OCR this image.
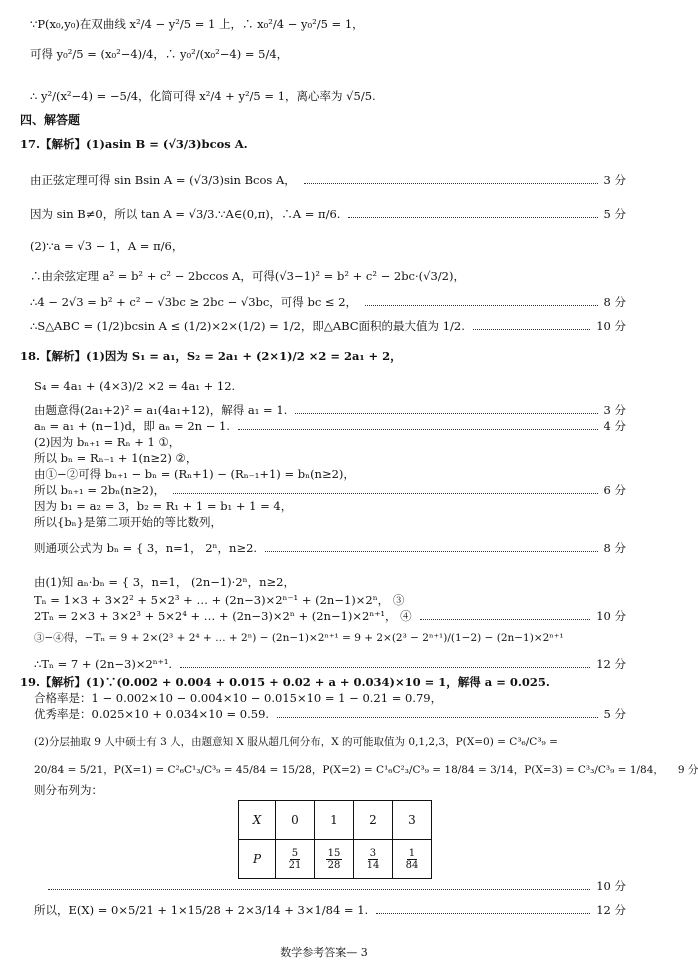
∵P(x₀,y₀)在双曲线 x²/4 − y²/5 = 1 上，∴ x₀²/4 − y₀²/5 = 1，
可得 y₀²/5 = (x₀²−4)/4，∴ y₀²/(x₀²−4) = 5/4，
∴ y²/(x²−4) = −5/4，化简可得 x²/4 + y²/5 = 1，离心率为 √5/5.
四、解答题
17.【解析】(1)asin B = (√3/3)bcos A.
由正弦定理可得 sin Bsin A = (√3/3)sin Bcos A，	3 分
因为 sin B≠0，所以 tan A = √3/3.∵A∈(0,π)，∴A = π/6.	5 分
(2)∵a = √3 − 1，A = π/6，
∴由余弦定理 a² = b² + c² − 2bccos A，可得(√3−1)² = b² + c² − 2bc·(√3/2)，
∴4 − 2√3 = b² + c² − √3bc ≥ 2bc − √3bc，可得 bc ≤ 2，	8 分
∴S△ABC = (1/2)bcsin A ≤ (1/2)×2×(1/2) = 1/2，即△ABC面积的最大值为 1/2.	10 分
18.【解析】(1)因为 S₁ = a₁，S₂ = 2a₁ + (2×1)/2 ×2 = 2a₁ + 2，
S₄ = 4a₁ + (4×3)/2 ×2 = 4a₁ + 12.
由题意得(2a₁+2)² = a₁(4a₁+12)，解得 a₁ = 1.	3 分
aₙ = a₁ + (n−1)d，即 aₙ = 2n − 1.	4 分
(2)因为 bₙ₊₁ = Rₙ + 1 ①，
所以 bₙ = Rₙ₋₁ + 1(n≥2) ②，
由①−②可得 bₙ₊₁ − bₙ = (Rₙ+1) − (Rₙ₋₁+1) = bₙ(n≥2)，
所以 bₙ₊₁ = 2bₙ(n≥2)，	6 分
因为 b₁ = a₂ = 3，b₂ = R₁ + 1 = b₁ + 1 = 4，
所以{bₙ}是第二项开始的等比数列，
则通项公式为 bₙ = { 3，n=1， 2ⁿ，n≥2.	8 分
由(1)知 aₙ·bₙ = { 3，n=1， (2n−1)·2ⁿ，n≥2，
Tₙ = 1×3 + 3×2² + 5×2³ + … + (2n−3)×2ⁿ⁻¹ + (2n−1)×2ⁿ， ③
2Tₙ = 2×3 + 3×2³ + 5×2⁴ + … + (2n−3)×2ⁿ + (2n−1)×2ⁿ⁺¹， ④	10 分
③−④得，−Tₙ = 9 + 2×(2³ + 2⁴ + … + 2ⁿ) − (2n−1)×2ⁿ⁺¹ = 9 + 2×(2³ − 2ⁿ⁺¹)/(1−2) − (2n−1)×2ⁿ⁺¹
∴Tₙ = 7 + (2n−3)×2ⁿ⁺¹.	12 分
19.【解析】(1)∵(0.002 + 0.004 + 0.015 + 0.02 + a + 0.034)×10 = 1，解得 a = 0.025.
合格率是：1 − 0.002×10 − 0.004×10 − 0.015×10 = 1 − 0.21 = 0.79，
优秀率是：0.025×10 + 0.034×10 = 0.59.	5 分
(2)分层抽取 9 人中硕士有 3 人，由题意知 X 服从超几何分布，X 的可能取值为 0,1,2,3，P(X=0) = C³₆/C³₉ =
20/84 = 5/21，P(X=1) = C²₆C¹₃/C³₉ = 45/84 = 15/28，P(X=2) = C¹₆C²₃/C³₉ = 18/84 = 3/14，P(X=3) = C³₃/C³₉ = 1/84， 9 分
则分布列为：
X	0	1	2	3
P	$\frac{5}{21}$	$\frac{15}{28}$	$\frac{3}{14}$	$\frac{1}{84}$
10 分
所以，E(X) = 0×5/21 + 1×15/28 + 2×3/14 + 3×1/84 = 1.	12 分
数学参考答案— 3
